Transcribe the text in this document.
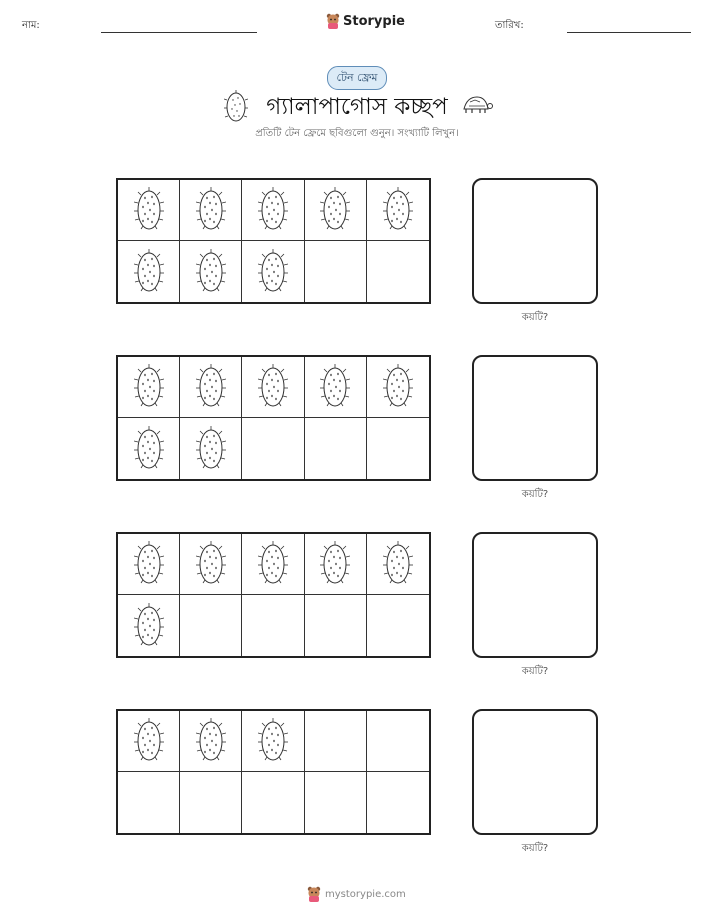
নাম:	Storypie	তারিখ:
টেন ফ্রেম
গ্যালাপাগোস কচ্ছপ
প্রতিটি টেন ফ্রেমে ছবিগুলো গুনুন। সংখ্যাটি লিখুন।
কয়টি?
কয়টি?
কয়টি?
কয়টি?
mystorypie.com
